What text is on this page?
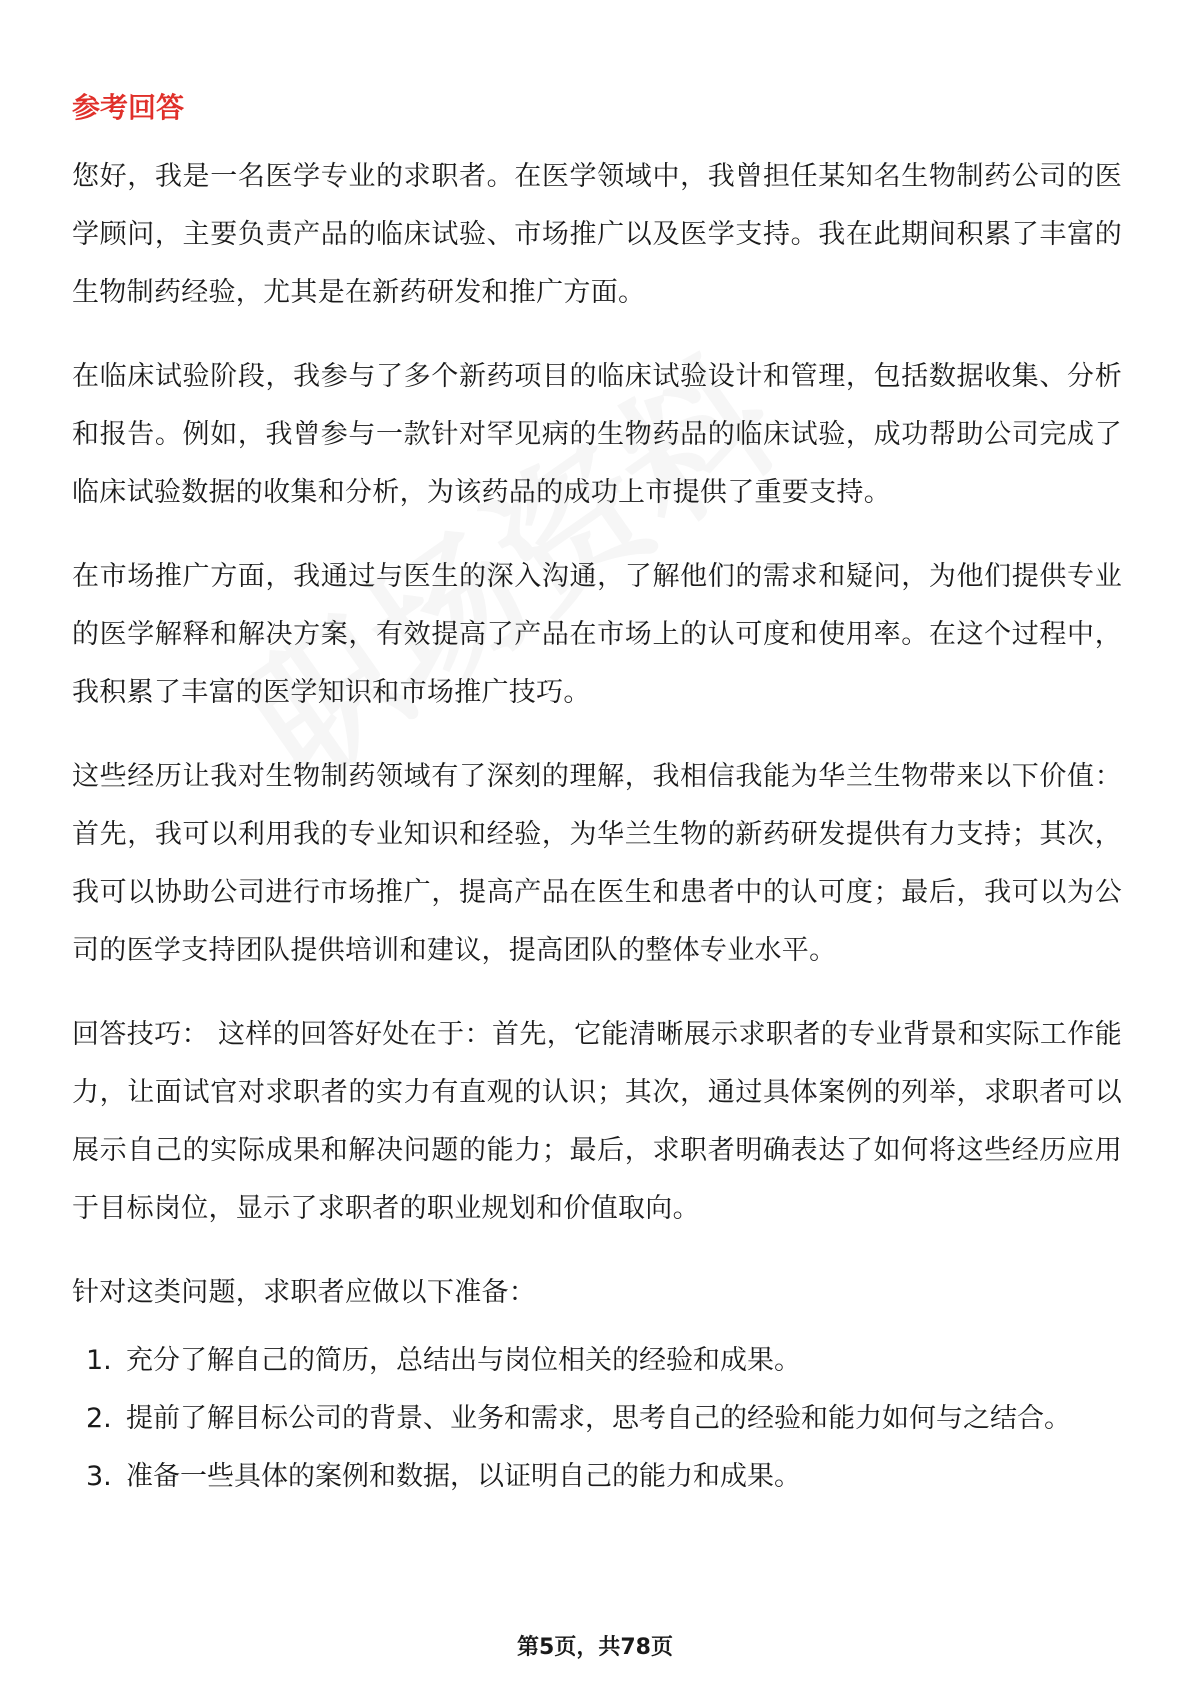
参考回答

您好，我是一名医学专业的求职者。在医学领域中，我曾担任某知名生物制药公司的医学顾问，主要负责产品的临床试验、市场推广以及医学支持。我在此期间积累了丰富的生物制药经验，尤其是在新药研发和推广方面。

在临床试验阶段，我参与了多个新药项目的临床试验设计和管理，包括数据收集、分析和报告。例如，我曾参与一款针对罕见病的生物药品的临床试验，成功帮助公司完成了临床试验数据的收集和分析，为该药品的成功上市提供了重要支持。

在市场推广方面，我通过与医生的深入沟通，了解他们的需求和疑问，为他们提供专业的医学解释和解决方案，有效提高了产品在市场上的认可度和使用率。在这个过程中，我积累了丰富的医学知识和市场推广技巧。

这些经历让我对生物制药领域有了深刻的理解，我相信我能为华兰生物带来以下价值：首先，我可以利用我的专业知识和经验，为华兰生物的新药研发提供有力支持；其次，我可以协助公司进行市场推广，提高产品在医生和患者中的认可度；最后，我可以为公司的医学支持团队提供培训和建议，提高团队的整体专业水平。

回答技巧： 这样的回答好处在于：首先，它能清晰展示求职者的专业背景和实际工作能力，让面试官对求职者的实力有直观的认识；其次，通过具体案例的列举，求职者可以展示自己的实际成果和解决问题的能力；最后，求职者明确表达了如何将这些经历应用于目标岗位，显示了求职者的职业规划和价值取向。

针对这类问题，求职者应做以下准备：

1. 充分了解自己的简历，总结出与岗位相关的经验和成果。
2. 提前了解目标公司的背景、业务和需求，思考自己的经验和能力如何与之结合。
3. 准备一些具体的案例和数据，以证明自己的能力和成果。
第5页，共78页
